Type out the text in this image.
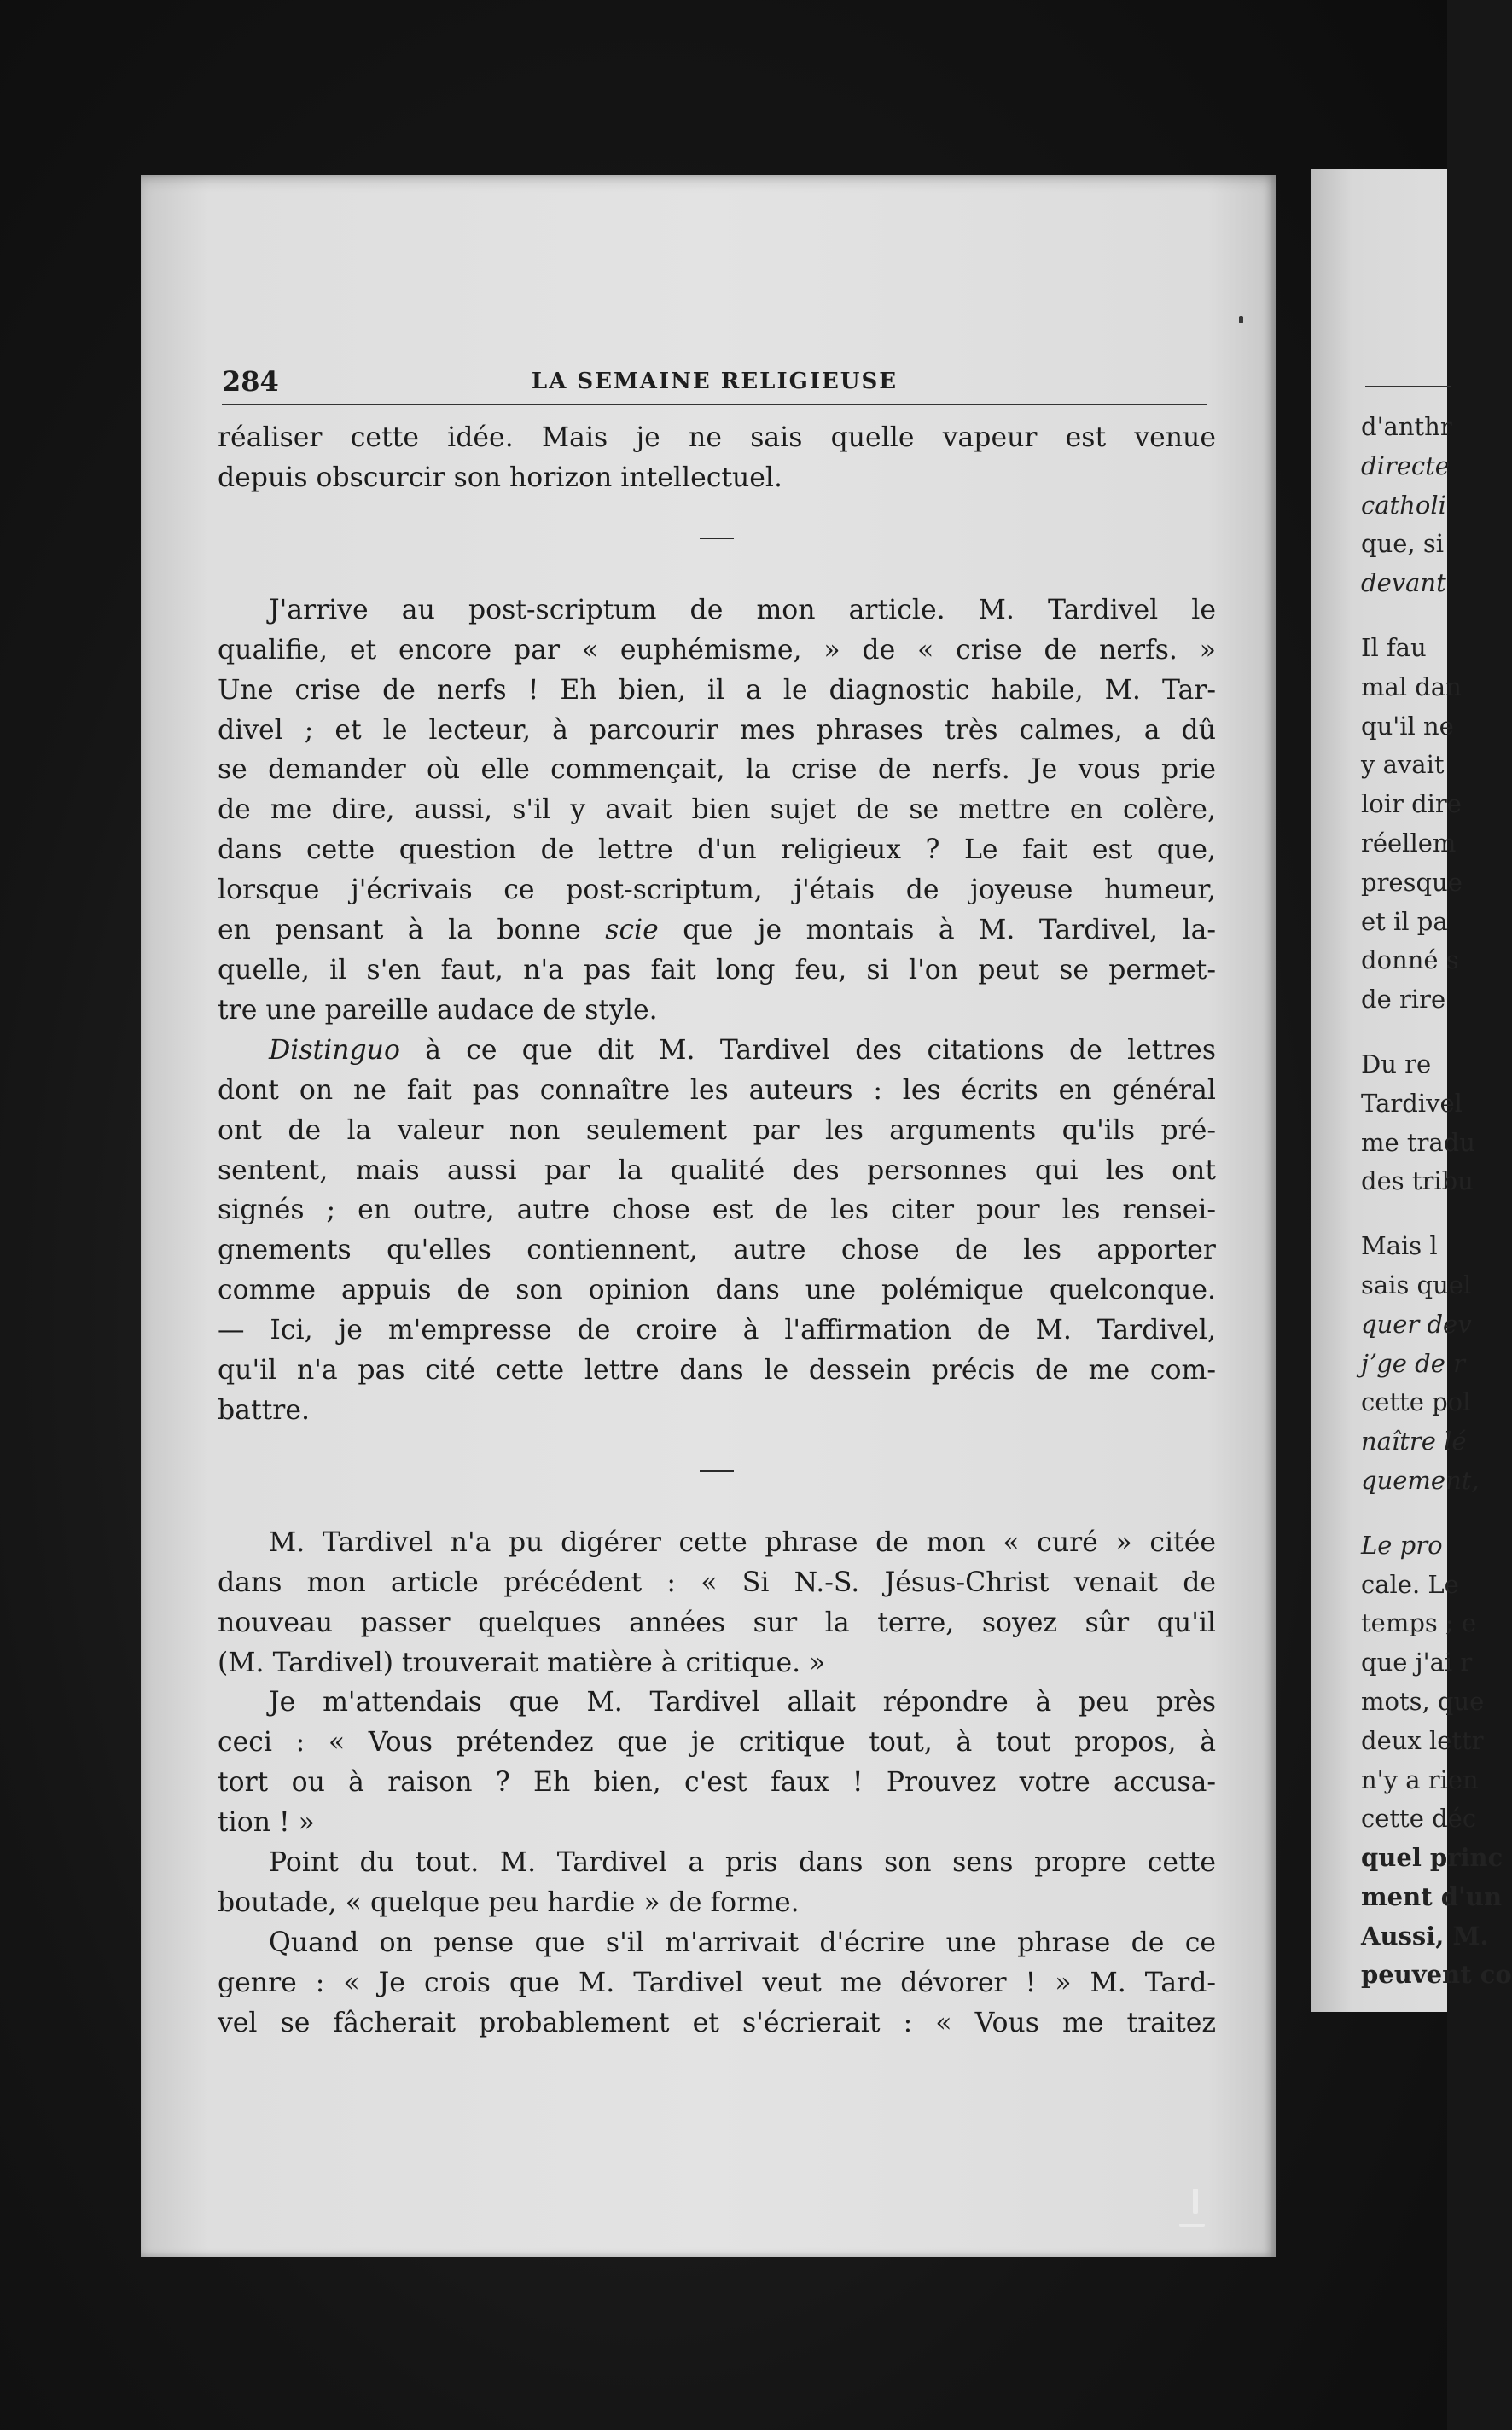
284	LA SEMAINE RELIGIEUSE
réaliser cette idée. Mais je ne sais quelle vapeur est venue
depuis obscurcir son horizon intellectuel.
J'arrive au post-scriptum de mon article. M. Tardivel le
qualifie, et encore par « euphémisme, » de « crise de nerfs. »
Une crise de nerfs ! Eh bien, il a le diagnostic habile, M. Tar-
divel ; et le lecteur, à parcourir mes phrases très calmes, a dû
se demander où elle commençait, la crise de nerfs. Je vous prie
de me dire, aussi, s'il y avait bien sujet de se mettre en colère,
dans cette question de lettre d'un religieux ? Le fait est que,
lorsque j'écrivais ce post-scriptum, j'étais de joyeuse humeur,
en pensant à la bonne scie que je montais à M. Tardivel, la-
quelle, il s'en faut, n'a pas fait long feu, si l'on peut se permet-
tre une pareille audace de style.
Distinguo à ce que dit M. Tardivel des citations de lettres
dont on ne fait pas connaître les auteurs : les écrits en général
ont de la valeur non seulement par les arguments qu'ils pré-
sentent, mais aussi par la qualité des personnes qui les ont
signés ; en outre, autre chose est de les citer pour les rensei-
gnements qu'elles contiennent, autre chose de les apporter
comme appuis de son opinion dans une polémique quelconque.
— Ici, je m'empresse de croire à l'affirmation de M. Tardivel,
qu'il n'a pas cité cette lettre dans le dessein précis de me com-
battre.
M. Tardivel n'a pu digérer cette phrase de mon « curé » citée
dans mon article précédent : « Si N.-S. Jésus-Christ venait de
nouveau passer quelques années sur la terre, soyez sûr qu'il
(M. Tardivel) trouverait matière à critique. »
Je m'attendais que M. Tardivel allait répondre à peu près
ceci : « Vous prétendez que je critique tout, à tout propos, à
tort ou à raison ? Eh bien, c'est faux ! Prouvez votre accusa-
tion ! »
Point du tout. M. Tardivel a pris dans son sens propre cette
boutade, « quelque peu hardie » de forme.
Quand on pense que s'il m'arrivait d'écrire une phrase de ce
genre : « Je crois que M. Tardivel veut me dévorer ! » M. Tard-
vel se fâcherait probablement et s'écrierait : « Vous me traitez
d'anthr
directe
catholi
que, si
devant
Il fau
mal dan
qu'il ne
y avait
loir dire
réellem
presque
et il pa
donné s
de rire
Du re
Tardivel
me tradu
des tribu
Mais l
sais quel
quer dev
jʼge de r
cette pol
naître lé
quement,
Le pro
cale. Le
temps ; e
que j'ai r
mots, que
deux lettr
n'y a rien
cette déc
quel princ
ment d'un
Aussi, M.
peuvent co
